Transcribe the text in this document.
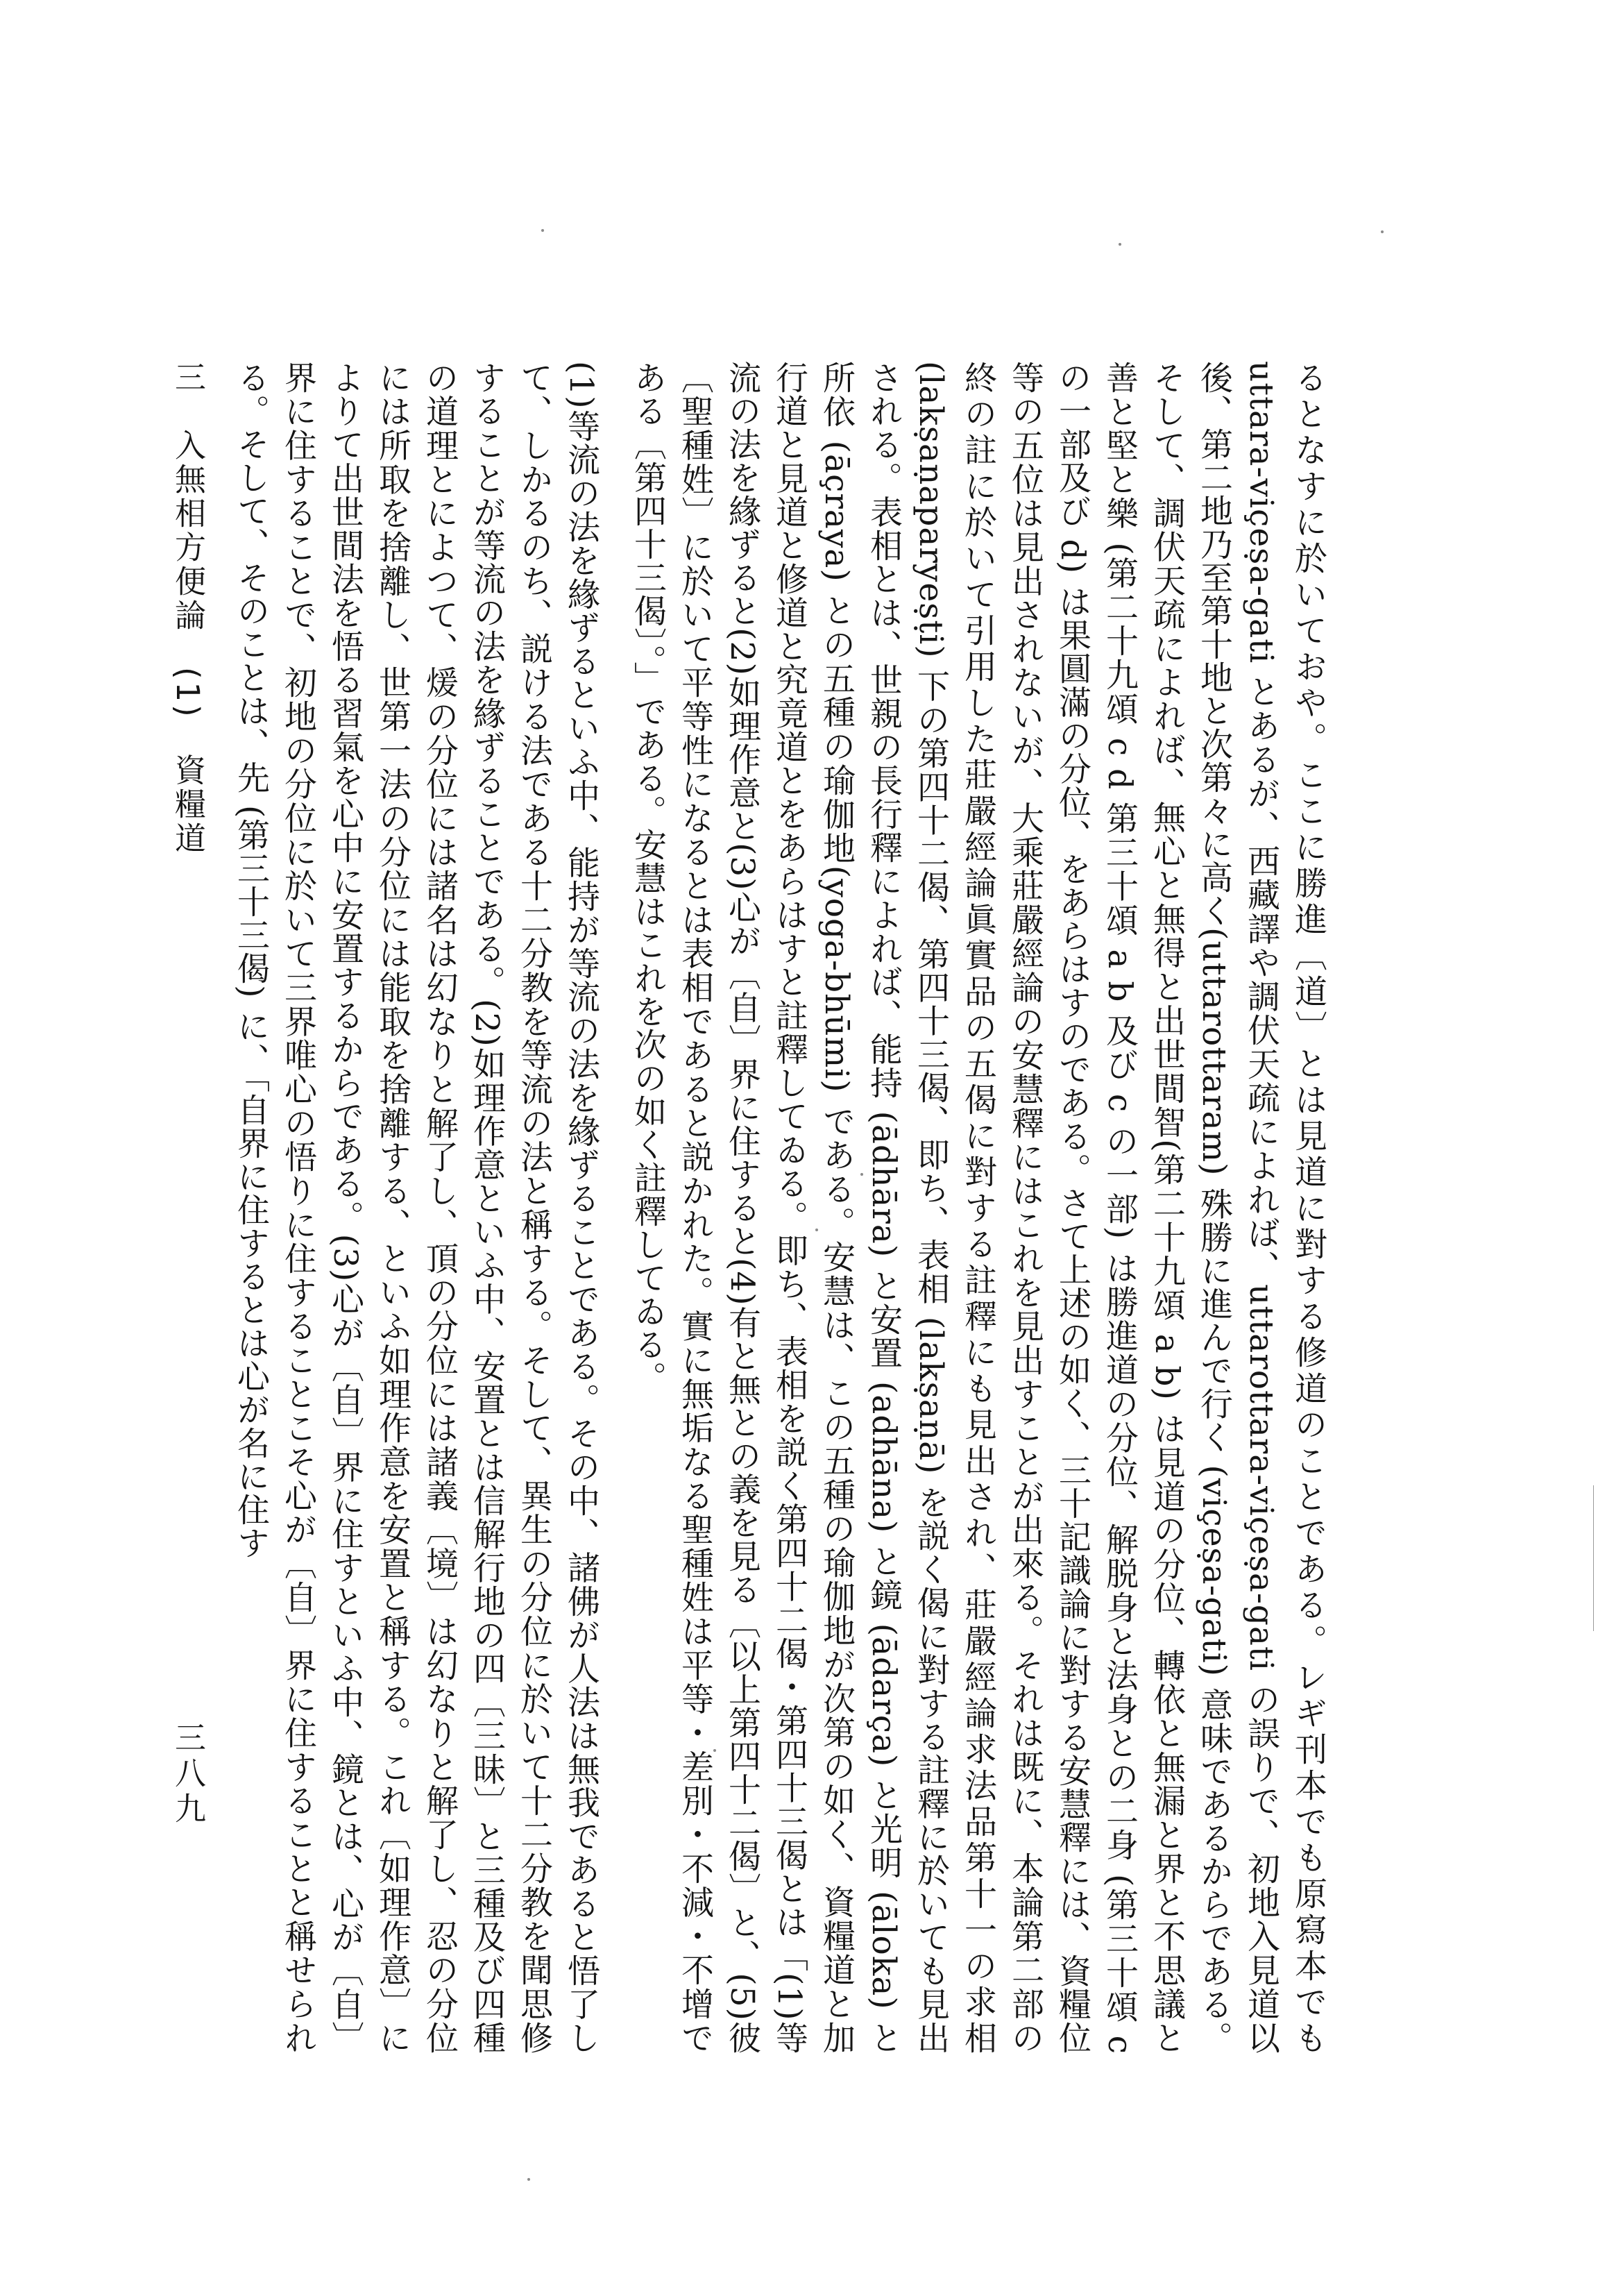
るとなすに於いておや。ここに勝進〔道〕とは見道に對する修道のことである。レギ刊本でも原寫本でも uttara-viçeṣa-gati とあるが、西藏譯や調伏天疏によれば、uttarottara-viçeṣa-gati の誤りで、初地入見道以後、第二地乃至第十地と次第々に高く(uttarottaram) 殊勝に進んで行く (viçeṣa-gati) 意味であるからである。そして、調伏天疏によれば、無心と無得と出世間智(第二十九頌 a b) は見道の分位、轉依と無漏と界と不思議と善と堅と樂 (第二十九頌 c d 第三十頌 a b 及び c の一部) は勝進道の分位、解脱身と法身との二身 (第三十頌 c の一部及び d) は果圓滿の分位、をあらはすのである。さて上述の如く、三十記識論に對する安慧釋には、資糧位等の五位は見出されないが、大乘莊嚴經論の安慧釋にはこれを見出すことが出來る。それは既に、本論第二部の終の註に於いて引用した莊嚴經論眞實品の五偈に對する註釋にも見出され、莊嚴經論求法品第十一の求相(lakṣaṇaparyeṣṭi) 下の第四十二偈、第四十三偈、即ち、表相 (lakṣaṇā) を説く偈に對する註釋に於いても見出される。表相とは、世親の長行釋によれば、能持 (ādhāra) と安置 (adhāna) と鏡 (ādarça) と光明 (āloka) と所依 (āçraya) との五種の瑜伽地(yoga-bhūmi) である。安慧は、この五種の瑜伽地が次第の如く、資糧道と加行道と見道と修道と究竟道とをあらはすと註釋してゐる。即ち、表相を説く第四十二偈・第四十三偈とは「(1)等流の法を緣ずると(2)如理作意と(3)心が〔自〕界に住すると(4)有と無との義を見る〔以上第四十二偈〕と、(5)彼〔聖種姓〕に於いて平等性になるとは表相であると説かれた。實に無垢なる聖種姓は平等・差別・不減・不增である〔第四十三偈〕。」である。安慧はこれを次の如く註釋してゐる。

(1)等流の法を緣ずるといふ中、能持が等流の法を緣ずることである。その中、諸佛が人法は無我であると悟了して、しかるのち、説ける法である十二分教を等流の法と稱する。そして、異生の分位に於いて十二分教を聞思修することが等流の法を緣ずることである。(2)如理作意といふ中、安置とは信解行地の四〔三昧〕と三種及び四種の道理とによつて、煖の分位には諸名は幻なりと解了し、頂の分位には諸義〔境〕は幻なりと解了し、忍の分位には所取を捨離し、世第一法の分位には能取を捨離する、といふ如理作意を安置と稱する。これ〔如理作意〕によりて出世間法を悟る習氣を心中に安置するからである。(3)心が〔自〕界に住すといふ中、鏡とは、心が〔自〕界に住することで、初地の分位に於いて三界唯心の悟りに住することこそ心が〔自〕界に住することと稱せられる。そして、そのことは、先 (第三十三偈) に、「自界に住するとは心が名に住す

三　入無相方便論　(1)　資糧道
三八九
